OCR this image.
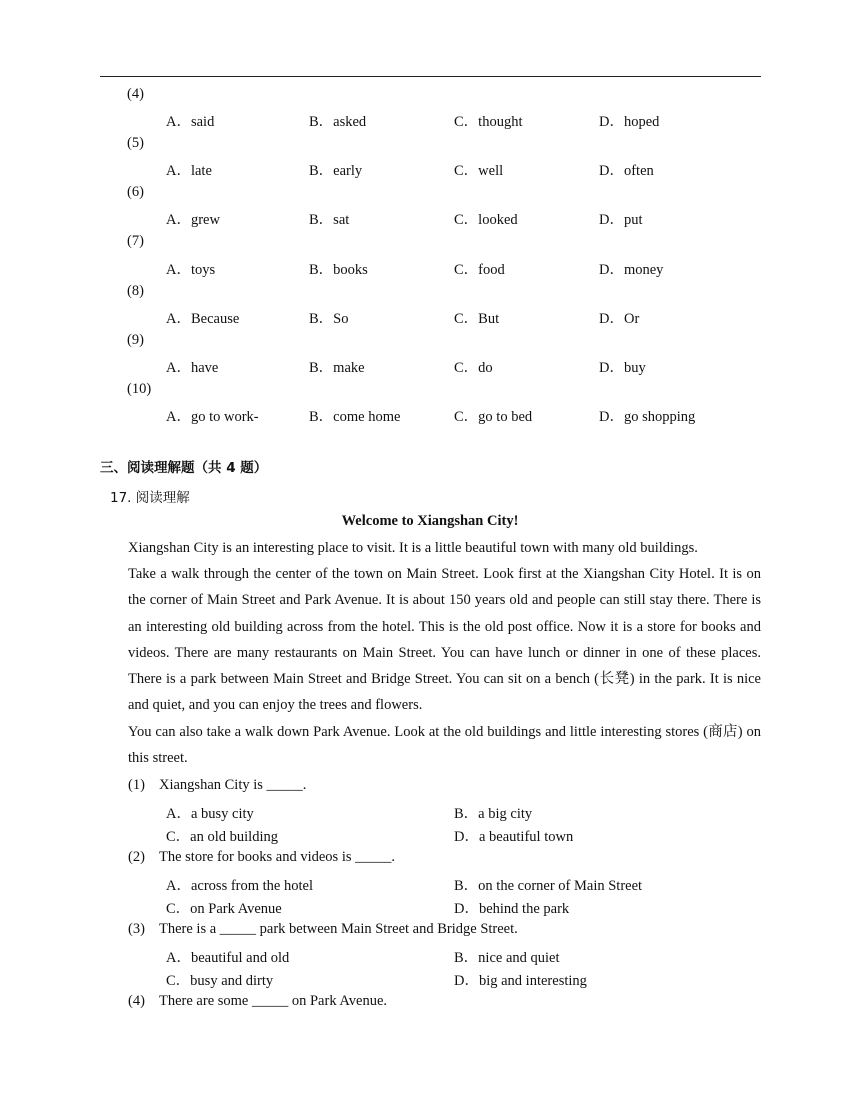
(4)
A．said	B．asked	C．thought	D．hoped
(5)
A．late	B．early	C．well	D．often
(6)
A．grew	B．sat	C．looked	D．put
(7)
A．toys	B．books	C．food	D．money
(8)
A．Because	B．So	C．But	D．Or
(9)
A．have	B．make	C．do	D．buy
(10)
A．go to work-	B．come home	C．go to bed	D．go shopping
三、阅读理解题（共 4 题）
17. 阅读理解
Welcome to Xiangshan City!
Xiangshan City is an interesting place to visit. It is a little beautiful town with many old buildings.
Take a walk through the center of the town on Main Street. Look first at the Xiangshan City Hotel. It is on the corner of Main Street and Park Avenue. It is about 150 years old and people can still stay there. There is an interesting old building across from the hotel. This is the old post office. Now it is a store for books and videos. There are many restaurants on Main Street. You can have lunch or dinner in one of these places. There is a park between Main Street and Bridge Street. You can sit on a bench (长凳) in the park. It is nice and quiet, and you can enjoy the trees and flowers.
You can also take a walk down Park Avenue. Look at the old buildings and little interesting stores (商店) on this street.
(1) Xiangshan City is _____.
A．a busy city	B．a big city
C．an old building	D．a beautiful town
(2) The store for books and videos is _____.
A．across from the hotel	B．on the corner of Main Street
C．on Park Avenue	D．behind the park
(3) There is a _____ park between Main Street and Bridge Street.
A．beautiful and old	B．nice and quiet
C．busy and dirty	D．big and interesting
(4) There are some _____ on Park Avenue.
